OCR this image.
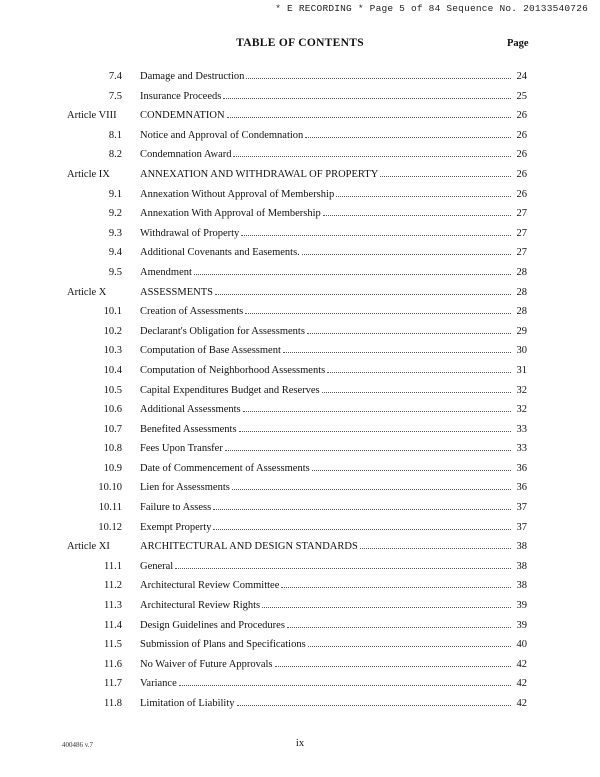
* E RECORDING * Page 5 of 84 Sequence No. 20133540726
TABLE OF CONTENTS	Page
7.4 Damage and Destruction	24
7.5 Insurance Proceeds	25
Article VIII CONDEMNATION	26
8.1 Notice and Approval of Condemnation	26
8.2 Condemnation Award	26
Article IX	ANNEXATION AND WITHDRAWAL OF PROPERTY	26
9.1 Annexation Without Approval of Membership	26
9.2 Annexation With Approval of Membership	27
9.3 Withdrawal of Property	27
9.4 Additional Covenants and Easements.	27
9.5 Amendment	28
Article X	ASSESSMENTS	28
10.1 Creation of Assessments	28
10.2 Declarant's Obligation for Assessments	29
10.3 Computation of Base Assessment	30
10.4 Computation of Neighborhood Assessments	31
10.5 Capital Expenditures Budget and Reserves	32
10.6 Additional Assessments	32
10.7 Benefited Assessments	33
10.8 Fees Upon Transfer	33
10.9 Date of Commencement of Assessments	36
10.10 Lien for Assessments	36
10.11 Failure to Assess	37
10.12 Exempt Property	37
Article XI	ARCHITECTURAL AND DESIGN STANDARDS	38
11.1 General	38
11.2 Architectural Review Committee	38
11.3 Architectural Review Rights	39
11.4 Design Guidelines and Procedures	39
11.5 Submission of Plans and Specifications	40
11.6 No Waiver of Future Approvals	42
11.7 Variance	42
11.8 Limitation of Liability	42
400486 v.7	ix
